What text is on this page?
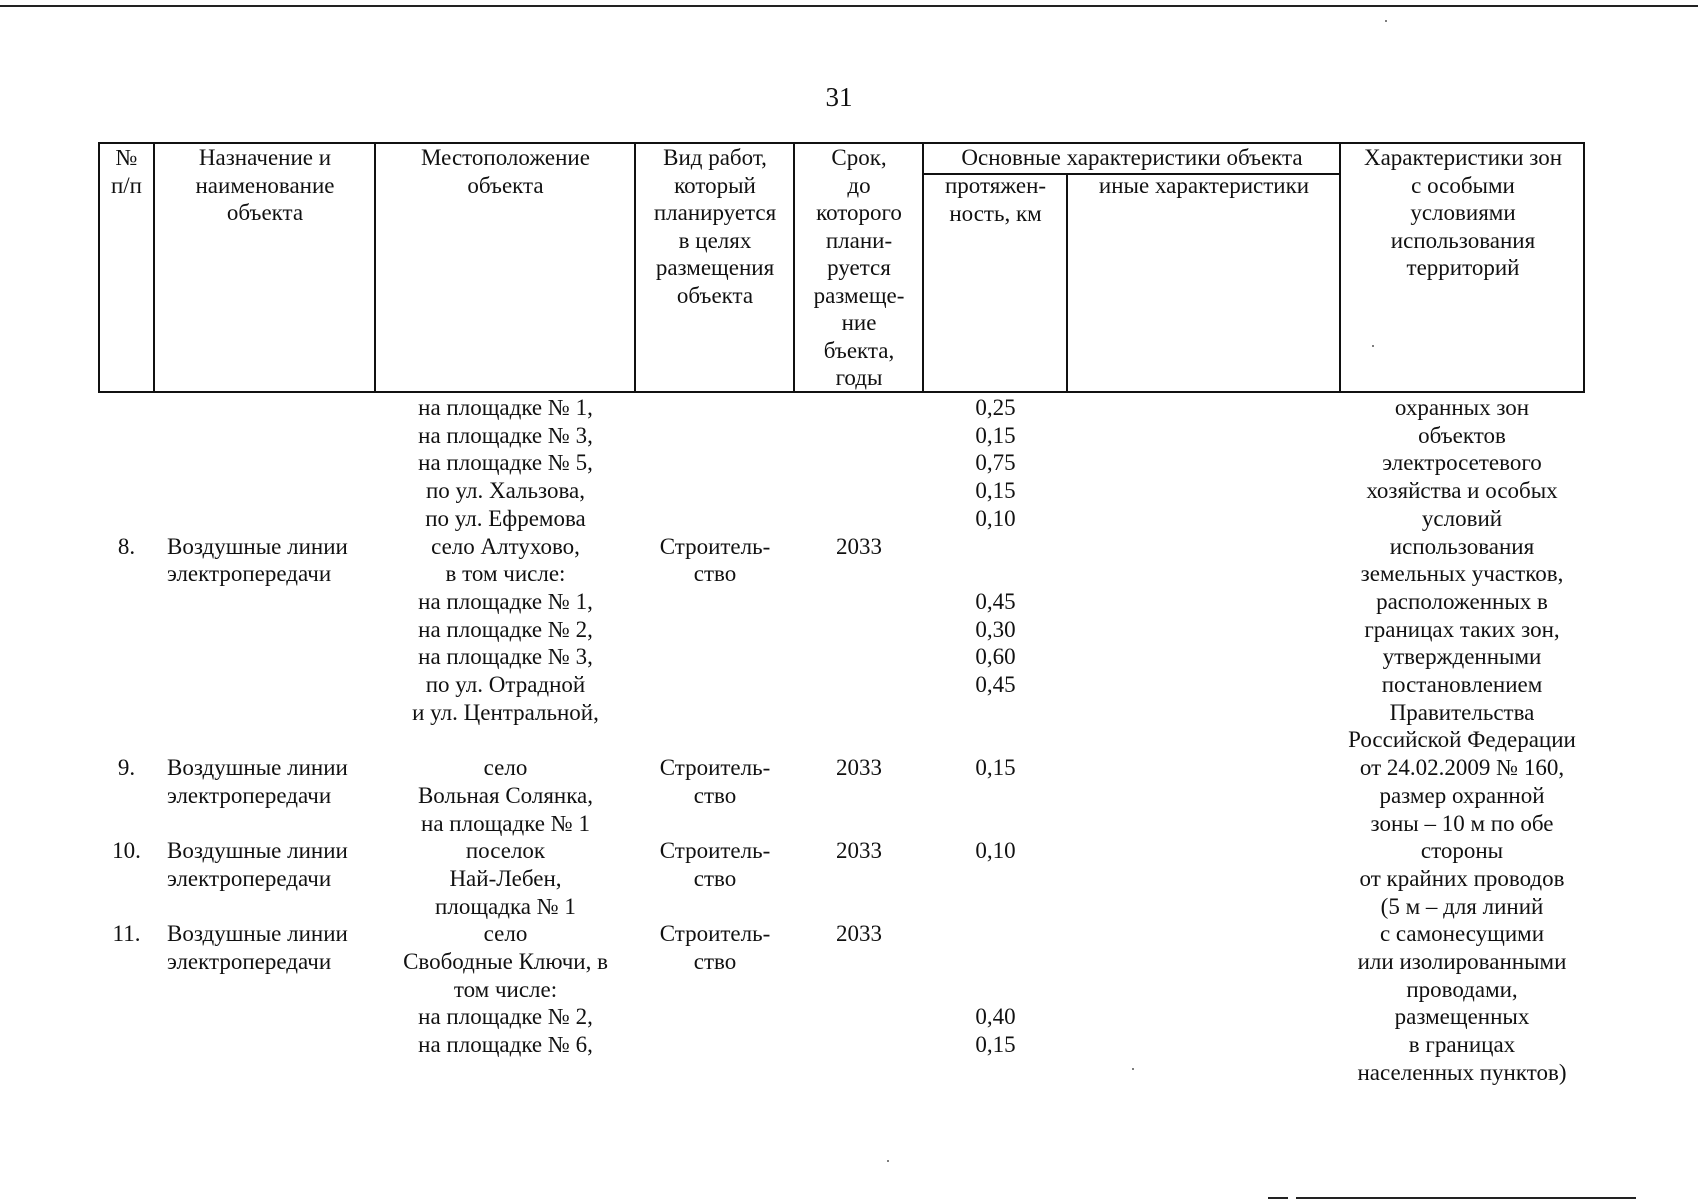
31
№
п/п
Назначение и
наименование
объекта
Местоположение
объекта
Вид работ,
который
планируется
в целях
размещения
объекта
Срок,
до
которого
плани-
руется
размеще-
ние
бъекта,
годы
Основные характеристики объекта
протяжен-
ность, км
иные характеристики
Характеристики зон
с особыми
условиями
использования
территорий

8.

9.

10.

11.

Воздушные линии
электропередачи

Воздушные линии
электропередачи

Воздушные линии
электропередачи

Воздушные линии
электропередачи
на площадке № 1,
на площадке № 3,
на площадке № 5,
по ул. Хальзова,
по ул. Ефремова
село Алтухово,
в том числе:
на площадке № 1,
на площадке № 2,
на площадке № 3,
по ул. Отрадной
и ул. Центральной,

село
Вольная Солянка,
на площадке № 1
поселок
Най-Лебен,
площадка № 1
село
Свободные Ключи, в
том числе:
на площадке № 2,
на площадке № 6,

Строитель-
ство

Строитель-
ство

Строитель-
ство

Строитель-
ство

2033

2033

2033

2033
0,25
0,15
0,75
0,15
0,10

0,45
0,30
0,60
0,45

0,15

0,10

0,40
0,15
охранных зон
объектов
электросетевого
хозяйства и особых
условий
использования
земельных участков,
расположенных в
границах таких зон,
утвержденными
постановлением
Правительства
Российской Федерации
от 24.02.2009 № 160,
размер охранной
зоны – 10 м по обе
стороны
от крайних проводов
(5 м – для линий
с самонесущими
или изолированными
проводами,
размещенных
в границах
населенных пунктов)
